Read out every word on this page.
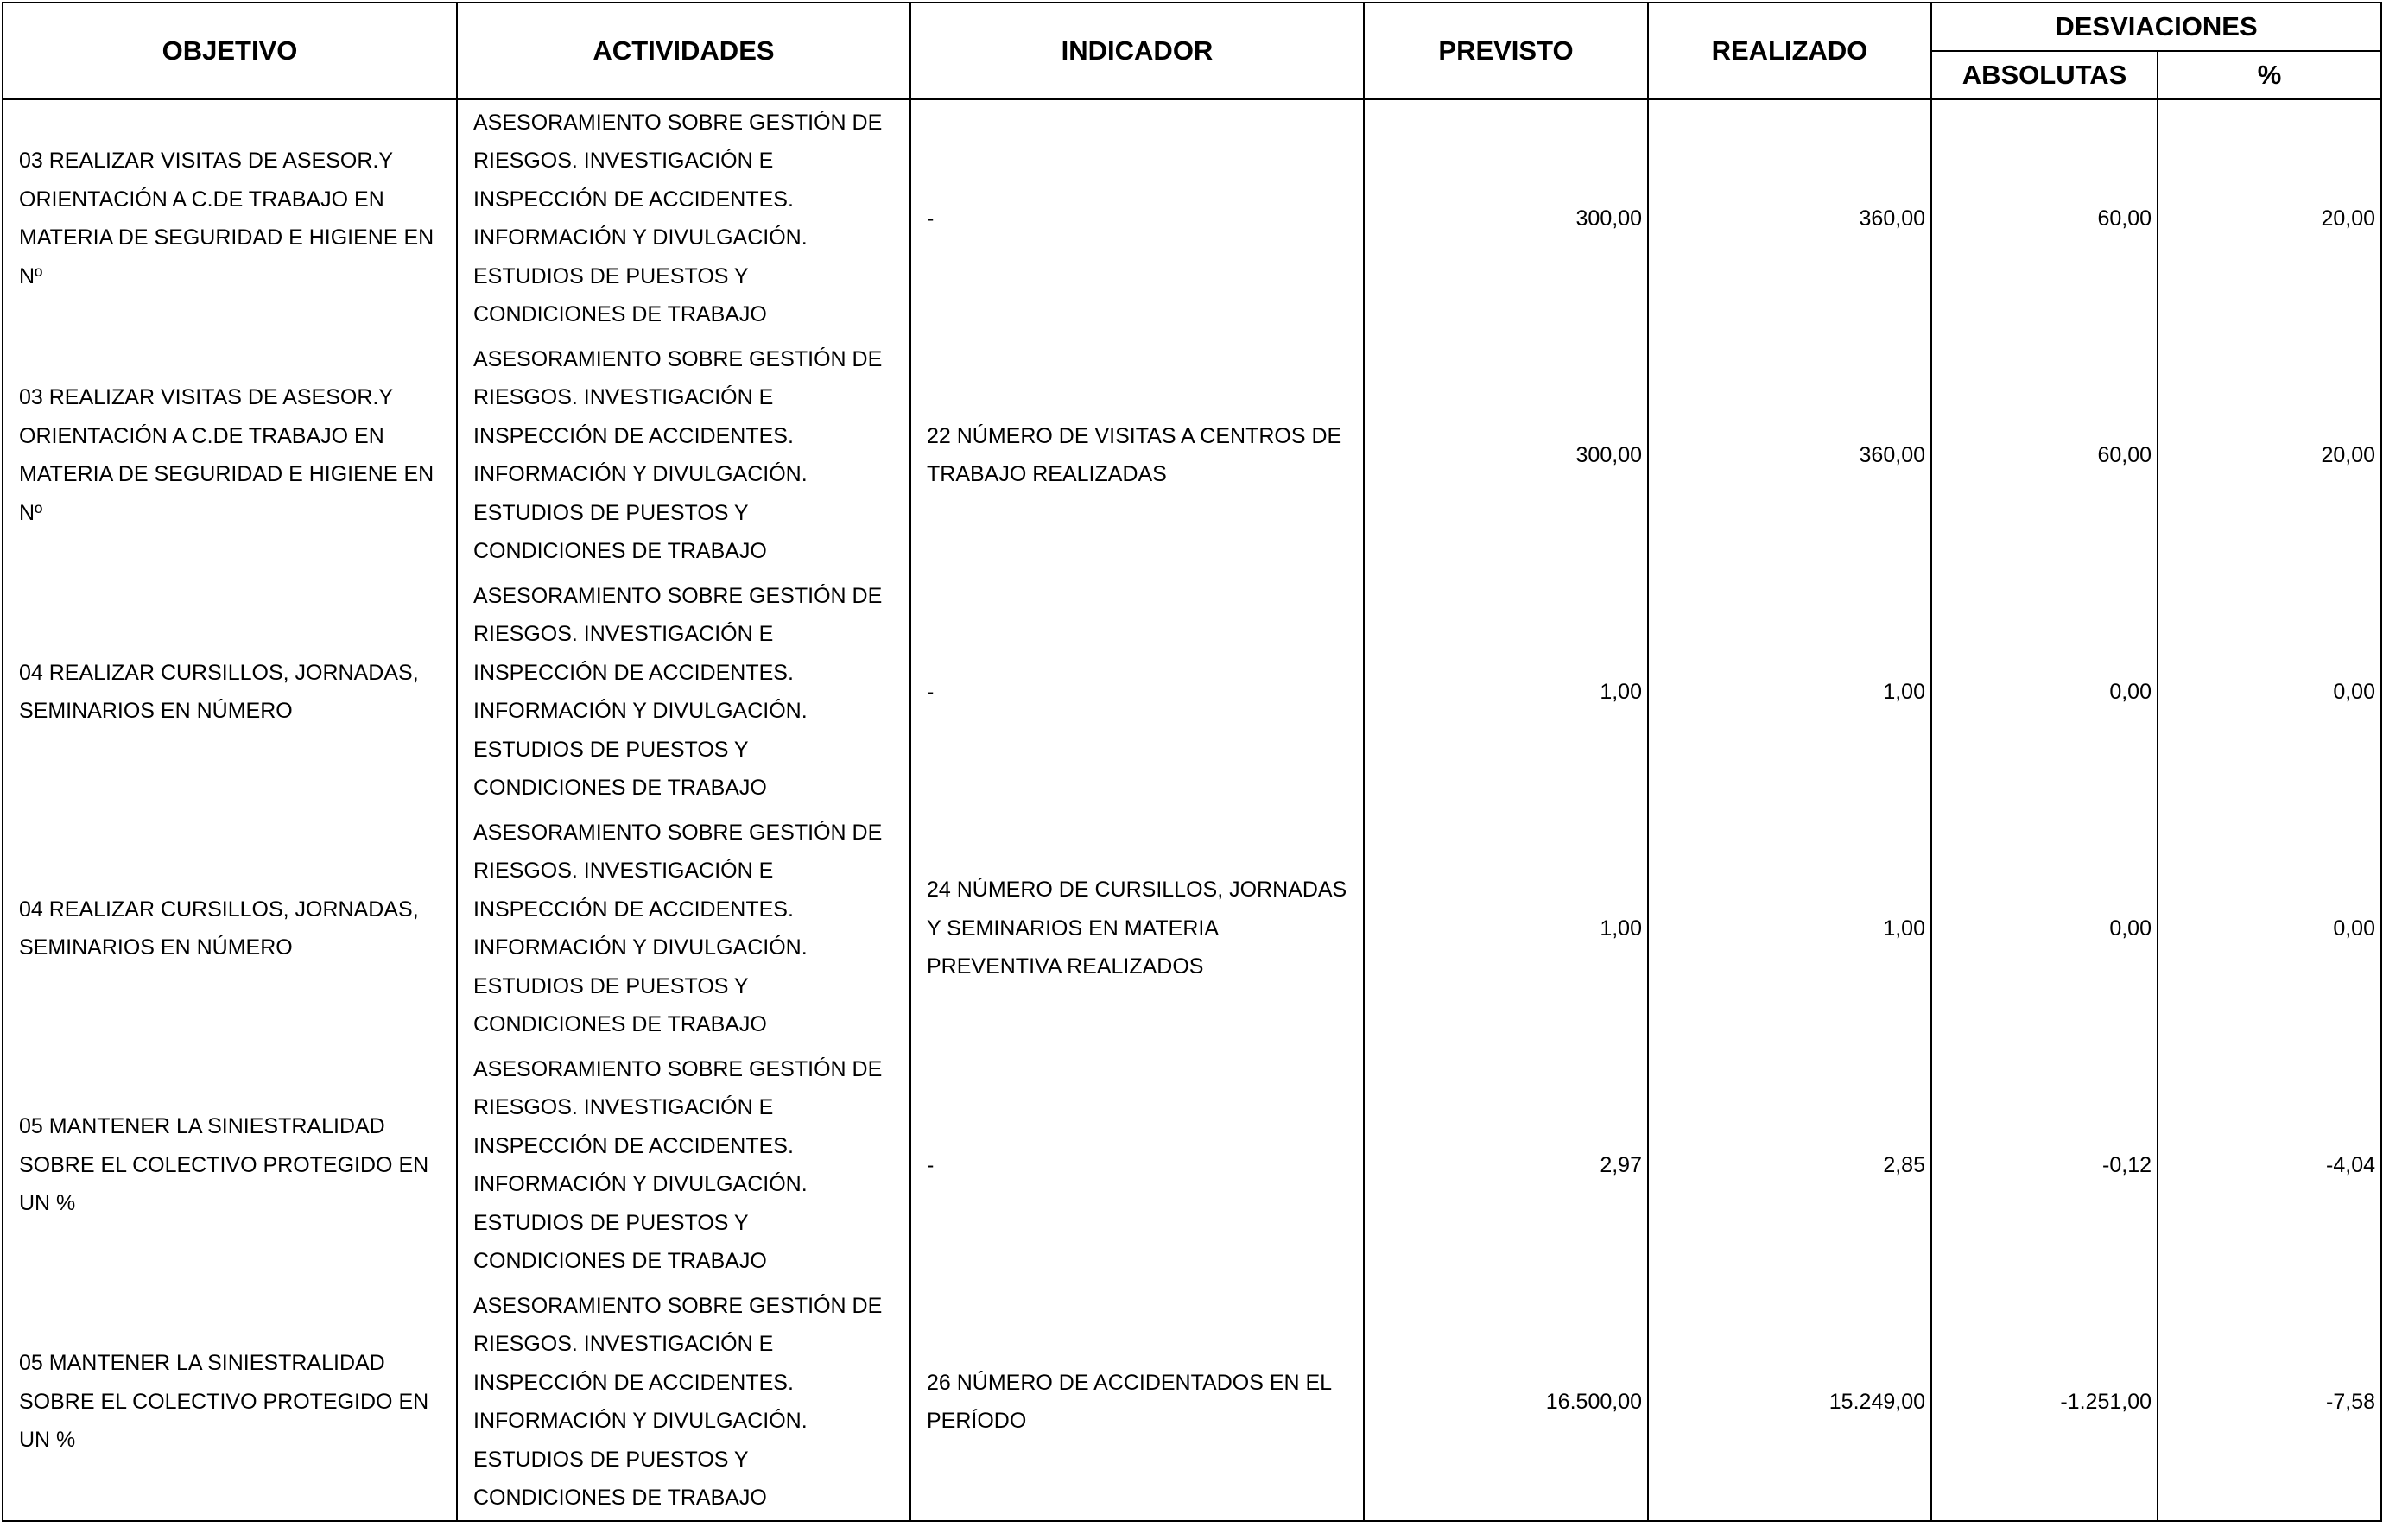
OBJETIVO	ACTIVIDADES	INDICADOR	PREVISTO	REALIZADO	DESVIACIONES	
					ABSOLUTAS	%
03 REALIZAR VISITAS DE ASESOR.Y ORIENTACIÓN A C.DE TRABAJO EN MATERIA DE SEGURIDAD E HIGIENE EN Nº	ASESORAMIENTO SOBRE GESTIÓN DE RIESGOS. INVESTIGACIÓN E INSPECCIÓN DE ACCIDENTES. INFORMACIÓN Y DIVULGACIÓN. ESTUDIOS DE PUESTOS Y CONDICIONES DE TRABAJO	-	300,00	360,00	60,00	20,00
03 REALIZAR VISITAS DE ASESOR.Y ORIENTACIÓN A C.DE TRABAJO EN MATERIA DE SEGURIDAD E HIGIENE EN Nº	ASESORAMIENTO SOBRE GESTIÓN DE RIESGOS. INVESTIGACIÓN E INSPECCIÓN DE ACCIDENTES. INFORMACIÓN Y DIVULGACIÓN. ESTUDIOS DE PUESTOS Y CONDICIONES DE TRABAJO	22 NÚMERO DE VISITAS A CENTROS DE TRABAJO REALIZADAS	300,00	360,00	60,00	20,00
04 REALIZAR CURSILLOS, JORNADAS, SEMINARIOS EN NÚMERO	ASESORAMIENTO SOBRE GESTIÓN DE RIESGOS. INVESTIGACIÓN E INSPECCIÓN DE ACCIDENTES. INFORMACIÓN Y DIVULGACIÓN. ESTUDIOS DE PUESTOS Y CONDICIONES DE TRABAJO	-	1,00	1,00	0,00	0,00
04 REALIZAR CURSILLOS, JORNADAS, SEMINARIOS EN NÚMERO	ASESORAMIENTO SOBRE GESTIÓN DE RIESGOS. INVESTIGACIÓN E INSPECCIÓN DE ACCIDENTES. INFORMACIÓN Y DIVULGACIÓN. ESTUDIOS DE PUESTOS Y CONDICIONES DE TRABAJO	24 NÚMERO DE CURSILLOS, JORNADAS Y SEMINARIOS EN MATERIA PREVENTIVA REALIZADOS	1,00	1,00	0,00	0,00
05 MANTENER LA SINIESTRALIDAD SOBRE EL COLECTIVO PROTEGIDO EN UN %	ASESORAMIENTO SOBRE GESTIÓN DE RIESGOS. INVESTIGACIÓN E INSPECCIÓN DE ACCIDENTES. INFORMACIÓN Y DIVULGACIÓN. ESTUDIOS DE PUESTOS Y CONDICIONES DE TRABAJO	-	2,97	2,85	-0,12	-4,04
05 MANTENER LA SINIESTRALIDAD SOBRE EL COLECTIVO PROTEGIDO EN UN %	ASESORAMIENTO SOBRE GESTIÓN DE RIESGOS. INVESTIGACIÓN E INSPECCIÓN DE ACCIDENTES. INFORMACIÓN Y DIVULGACIÓN. ESTUDIOS DE PUESTOS Y CONDICIONES DE TRABAJO	26 NÚMERO DE ACCIDENTADOS EN EL PERÍODO	16.500,00	15.249,00	-1.251,00	-7,58
